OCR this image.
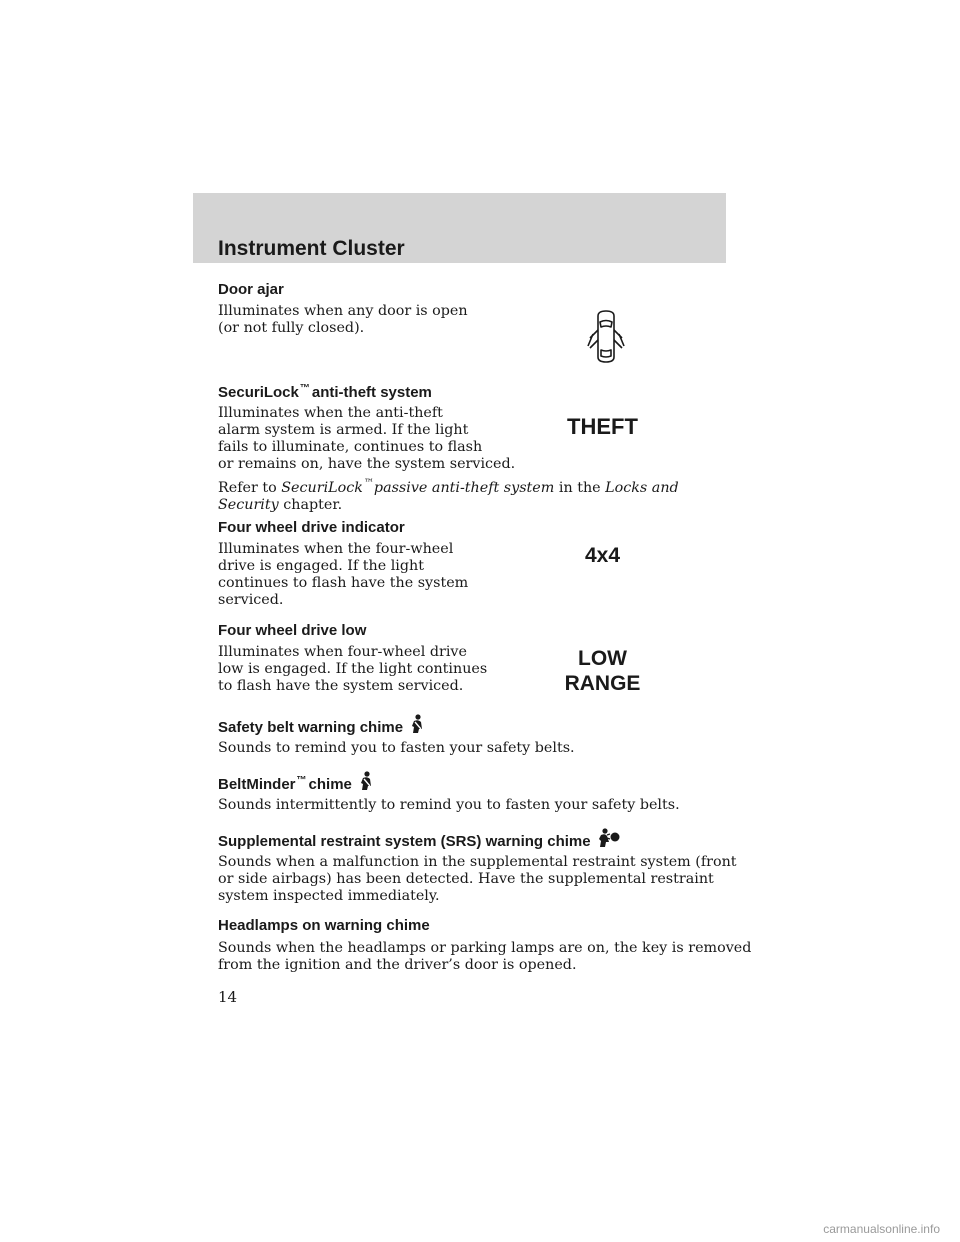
Instrument Cluster
Door ajar
Illuminates when any door is open
(or not fully closed).
SecuriLock™ anti-theft system
Illuminates when the anti-theft
alarm system is armed. If the light
fails to illuminate, continues to flash
or remains on, have the system serviced.
THEFT
Refer to SecuriLock™passive anti-theft system in the Locks and
Security chapter.
Four wheel drive indicator
Illuminates when the four-wheel
drive is engaged. If the light
continues to flash have the system
serviced.
4x4
Four wheel drive low
Illuminates when four-wheel drive
low is engaged. If the light continues
to flash have the system serviced.
LOW
RANGE
Safety belt warning chime
Sounds to remind you to fasten your safety belts.
BeltMinder™ chime
Sounds intermittently to remind you to fasten your safety belts.
Supplemental restraint system (SRS) warning chime
Sounds when a malfunction in the supplemental restraint system (front
or side airbags) has been detected. Have the supplemental restraint
system inspected immediately.
Headlamps on warning chime
Sounds when the headlamps or parking lamps are on, the key is removed
from the ignition and the driver’s door is opened.
14
carmanualsonline.info
